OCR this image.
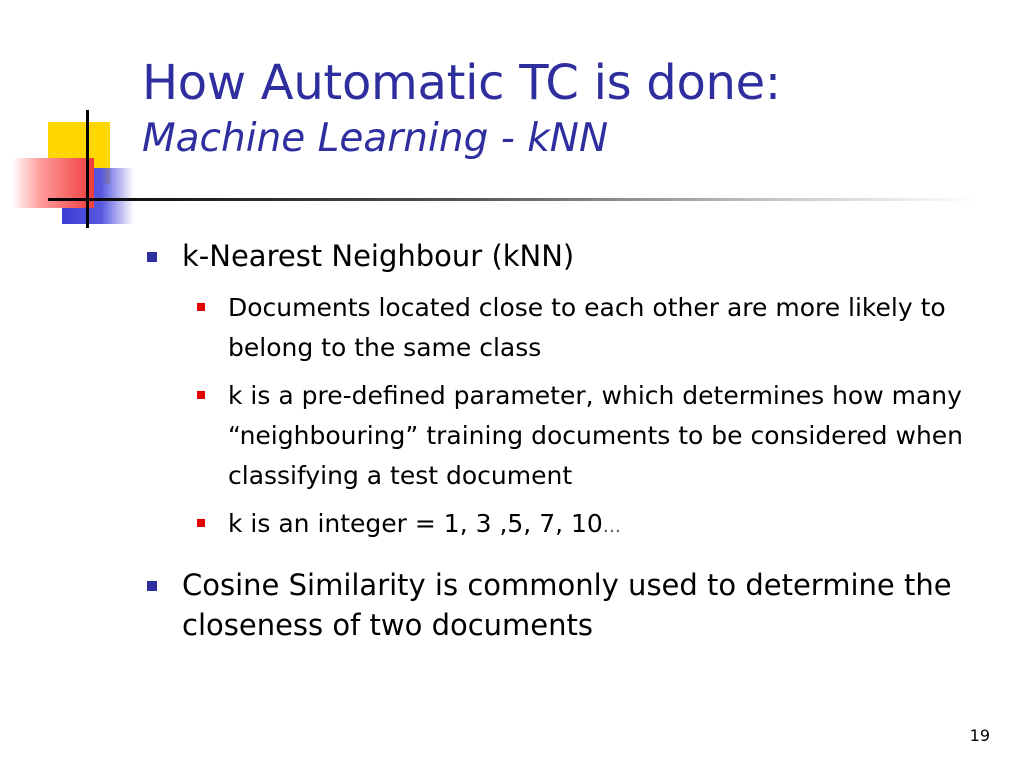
How Automatic TC is done:
Machine Learning - kNN
k-Nearest Neighbour (kNN)
Documents located close to each other are more likely to belong to the same class
k is a pre-defined parameter, which determines how many “neighbouring” training documents to be considered when classifying a test document
k is an integer = 1, 3 ,5, 7, 10…
Cosine Similarity is commonly used to determine the closeness of two documents
19
